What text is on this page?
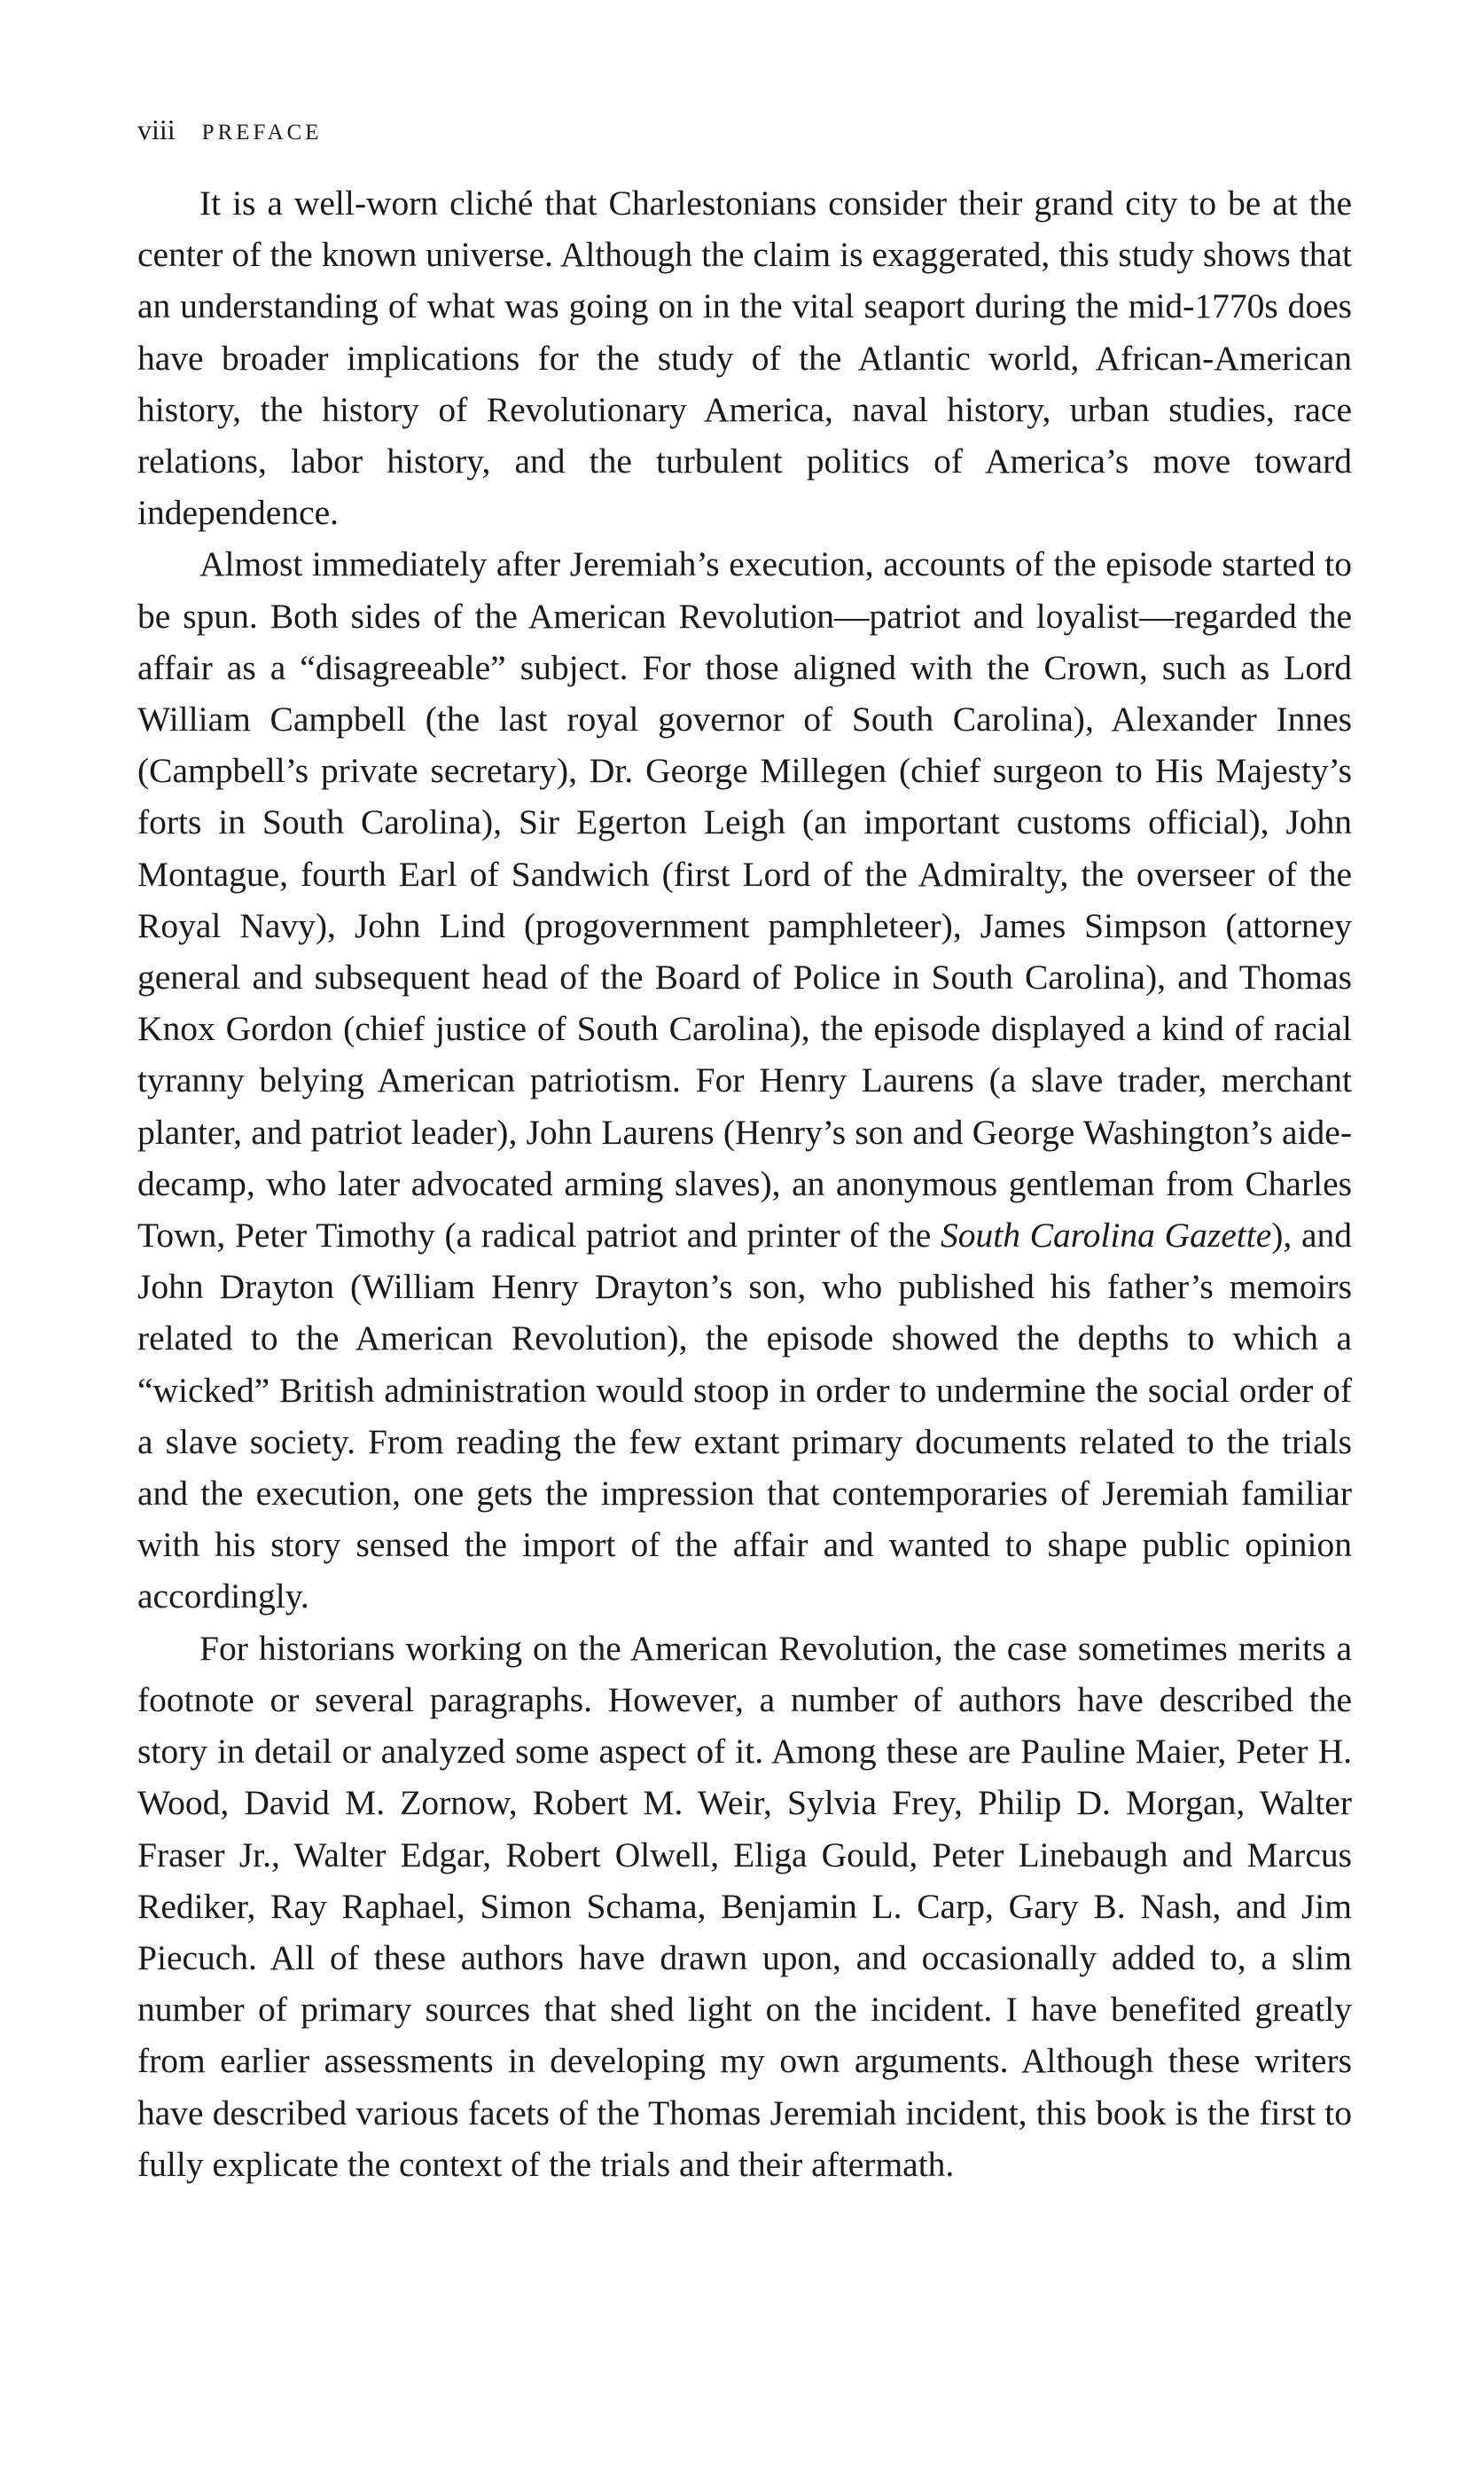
viii PREFACE

It is a well-worn cliché that Charlestonians consider their grand city to be at the center of the known universe. Although the claim is exaggerated, this study shows that an understanding of what was going on in the vital seaport during the mid-1770s does have broader implications for the study of the Atlantic world, African-American history, the history of Revolutionary America, naval history, urban studies, race relations, labor history, and the turbulent politics of America’s move toward independence.

Almost immediately after Jeremiah’s execution, accounts of the episode started to be spun. Both sides of the American Revolution—patriot and loyalist—regarded the affair as a “disagreeable” subject. For those aligned with the Crown, such as Lord William Campbell (the last royal governor of South Carolina), Alexander Innes (Campbell’s private secretary), Dr. George Millegen (chief surgeon to His Majesty’s forts in South Carolina), Sir Egerton Leigh (an important customs official), John Montague, fourth Earl of Sandwich (first Lord of the Admiralty, the overseer of the Royal Navy), John Lind (progovernment pamphleteer), James Simpson (attorney general and subsequent head of the Board of Police in South Carolina), and Thomas Knox Gordon (chief justice of South Carolina), the episode displayed a kind of racial tyranny belying American patriotism. For Henry Laurens (a slave trader, merchant planter, and patriot leader), John Laurens (Henry’s son and George Washington’s aide-decamp, who later advocated arming slaves), an anonymous gentleman from Charles Town, Peter Timothy (a radical patriot and printer of the South Carolina Gazette), and John Drayton (William Henry Drayton’s son, who published his father’s memoirs related to the American Revolution), the episode showed the depths to which a “wicked” British administration would stoop in order to undermine the social order of a slave society. From reading the few extant primary documents related to the trials and the execution, one gets the impression that contemporaries of Jeremiah familiar with his story sensed the import of the affair and wanted to shape public opinion accordingly.

For historians working on the American Revolution, the case sometimes merits a footnote or several paragraphs. However, a number of authors have described the story in detail or analyzed some aspect of it. Among these are Pauline Maier, Peter H. Wood, David M. Zornow, Robert M. Weir, Sylvia Frey, Philip D. Morgan, Walter Fraser Jr., Walter Edgar, Robert Olwell, Eliga Gould, Peter Linebaugh and Marcus Rediker, Ray Raphael, Simon Schama, Benjamin L. Carp, Gary B. Nash, and Jim Piecuch. All of these authors have drawn upon, and occasionally added to, a slim number of primary sources that shed light on the incident. I have benefited greatly from earlier assessments in developing my own arguments. Although these writers have described various facets of the Thomas Jeremiah incident, this book is the first to fully explicate the context of the trials and their aftermath.
